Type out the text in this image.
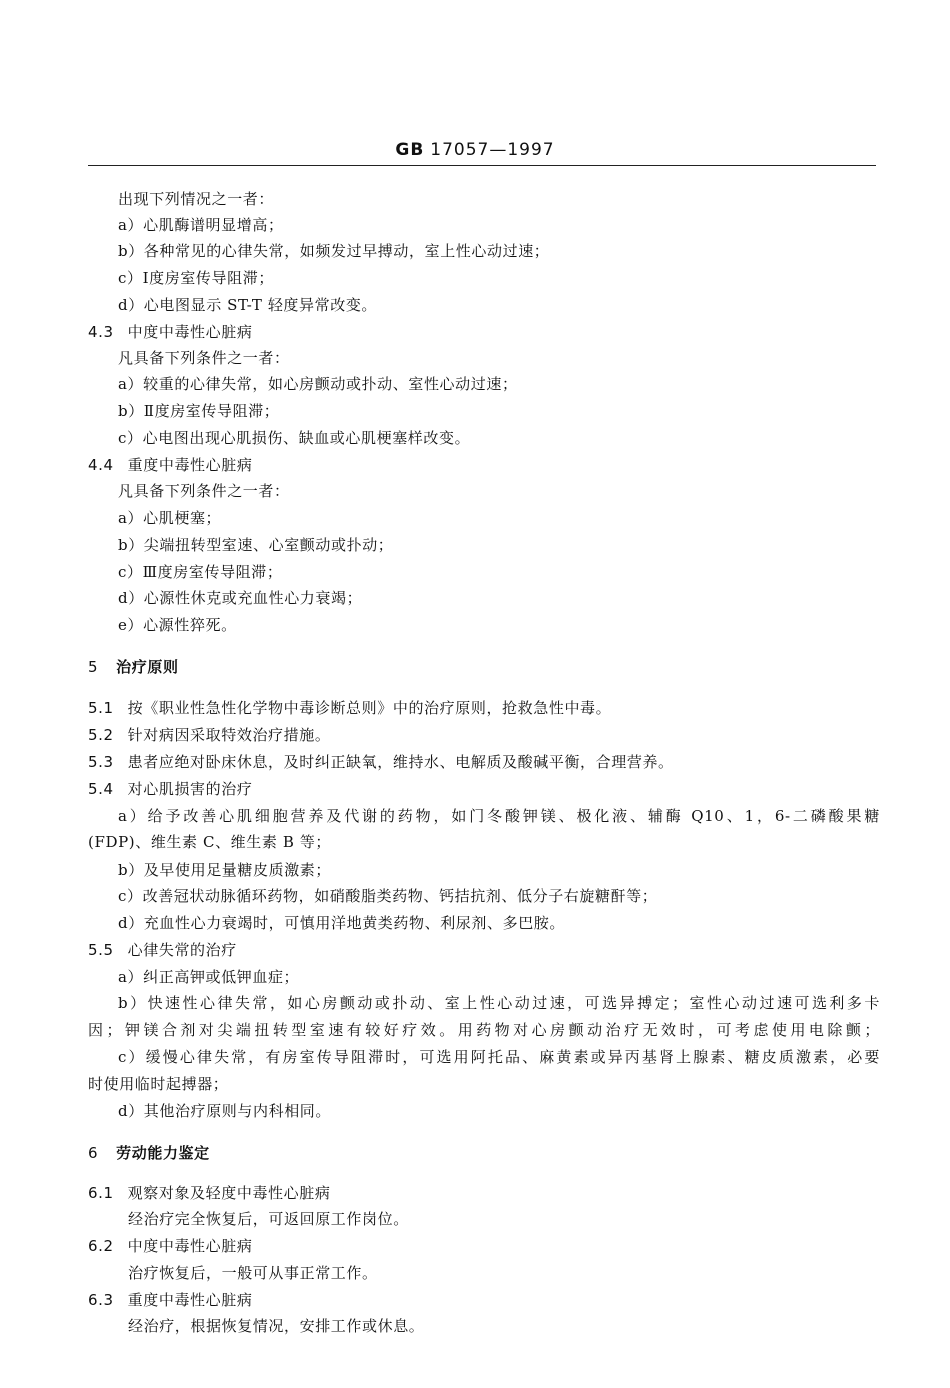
GB 17057—1997
出现下列情况之一者：
a）心肌酶谱明显增高；
b）各种常见的心律失常，如频发过早搏动，室上性心动过速；
c）Ⅰ度房室传导阻滞；
d）心电图显示 ST-T 轻度异常改变。
4.3 中度中毒性心脏病
凡具备下列条件之一者：
a）较重的心律失常，如心房颤动或扑动、室性心动过速；
b）Ⅱ度房室传导阻滞；
c）心电图出现心肌损伤、缺血或心肌梗塞样改变。
4.4 重度中毒性心脏病
凡具备下列条件之一者：
a）心肌梗塞；
b）尖端扭转型室速、心室颤动或扑动；
c）Ⅲ度房室传导阻滞；
d）心源性休克或充血性心力衰竭；
e）心源性猝死。
5 治疗原则
5.1 按《职业性急性化学物中毒诊断总则》中的治疗原则，抢救急性中毒。
5.2 针对病因采取特效治疗措施。
5.3 患者应绝对卧床休息，及时纠正缺氧，维持水、电解质及酸碱平衡，合理营养。
5.4 对心肌损害的治疗
a）给予改善心肌细胞营养及代谢的药物，如门冬酸钾镁、极化液、辅酶 Q10、1，6-二磷酸果糖
(FDP)、维生素 C、维生素 B 等；
b）及早使用足量糖皮质激素；
c）改善冠状动脉循环药物，如硝酸脂类药物、钙拮抗剂、低分子右旋糖酐等；
d）充血性心力衰竭时，可慎用洋地黄类药物、利尿剂、多巴胺。
5.5 心律失常的治疗
a）纠正高钾或低钾血症；
b）快速性心律失常，如心房颤动或扑动、室上性心动过速，可选异搏定；室性心动过速可选利多卡
因；钾镁合剂对尖端扭转型室速有较好疗效。用药物对心房颤动治疗无效时，可考虑使用电除颤；
c）缓慢心律失常，有房室传导阻滞时，可选用阿托品、麻黄素或异丙基肾上腺素、糖皮质激素，必要
时使用临时起搏器；
d）其他治疗原则与内科相同。
6 劳动能力鉴定
6.1 观察对象及轻度中毒性心脏病
经治疗完全恢复后，可返回原工作岗位。
6.2 中度中毒性心脏病
治疗恢复后，一般可从事正常工作。
6.3 重度中毒性心脏病
经治疗，根据恢复情况，安排工作或休息。
